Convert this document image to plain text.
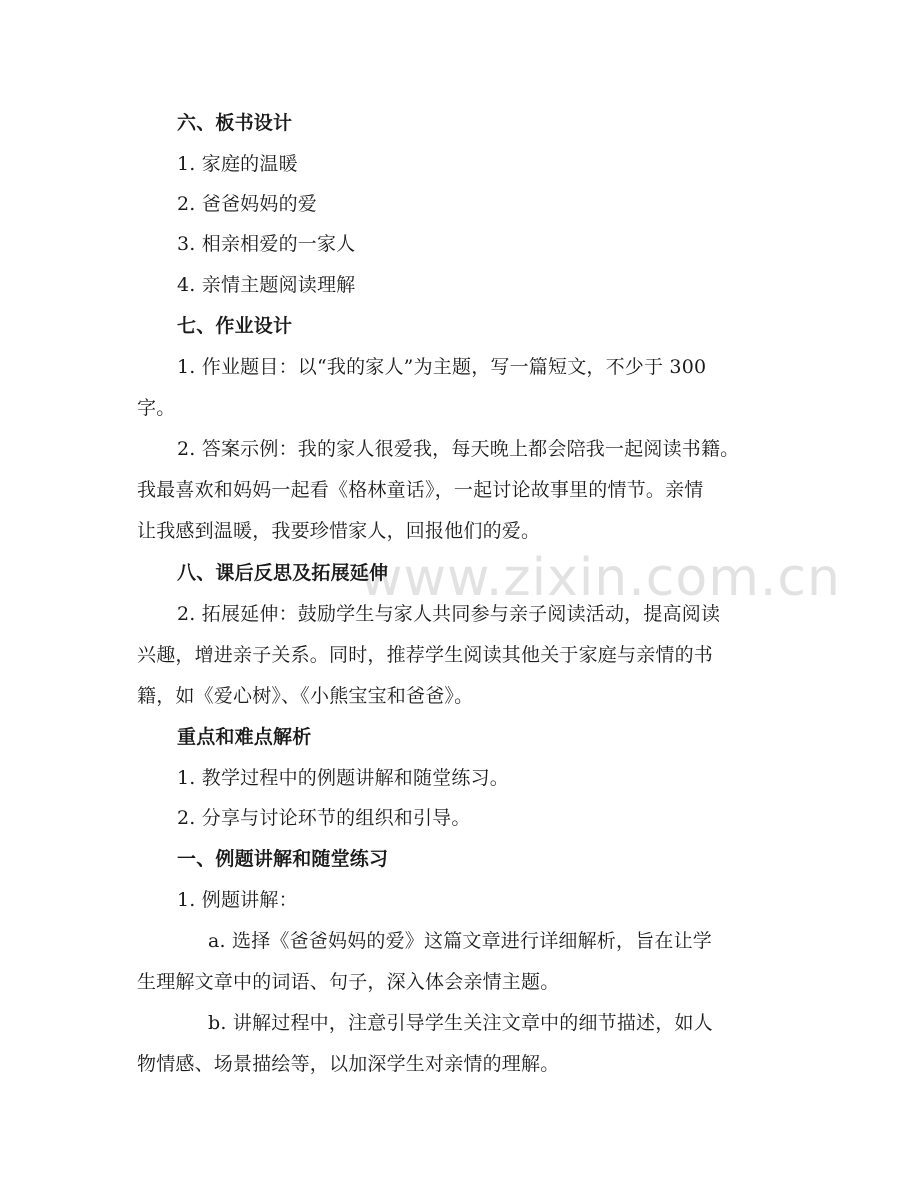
www.zixin.com.cn
六、板书设计
1. 家庭的温暖
2. 爸爸妈妈的爱
3. 相亲相爱的一家人
4. 亲情主题阅读理解
七、作业设计
1. 作业题目：以“我的家人”为主题，写一篇短文，不少于 300
字。
2. 答案示例：我的家人很爱我，每天晚上都会陪我一起阅读书籍。
我最喜欢和妈妈一起看《格林童话》，一起讨论故事里的情节。亲情
让我感到温暖，我要珍惜家人，回报他们的爱。
八、课后反思及拓展延伸
2. 拓展延伸：鼓励学生与家人共同参与亲子阅读活动，提高阅读
兴趣，增进亲子关系。同时，推荐学生阅读其他关于家庭与亲情的书
籍，如《爱心树》、《小熊宝宝和爸爸》。
重点和难点解析
1. 教学过程中的例题讲解和随堂练习。
2. 分享与讨论环节的组织和引导。
一、例题讲解和随堂练习
1. 例题讲解：
a. 选择《爸爸妈妈的爱》这篇文章进行详细解析，旨在让学
生理解文章中的词语、句子，深入体会亲情主题。
b. 讲解过程中，注意引导学生关注文章中的细节描述，如人
物情感、场景描绘等，以加深学生对亲情的理解。
